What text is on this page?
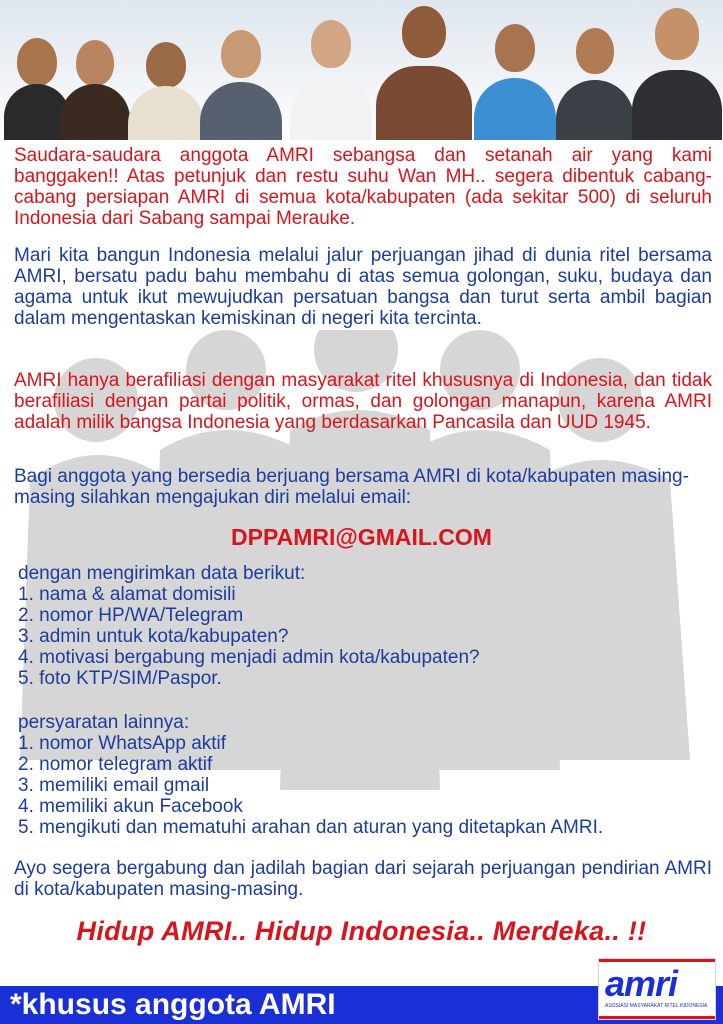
Saudara-saudara anggota AMRI sebangsa dan setanah air yang kami banggaken!! Atas petunjuk dan restu suhu Wan MH.. segera dibentuk cabang-cabang persiapan AMRI di semua kota/kabupaten (ada sekitar 500) di seluruh Indonesia dari Sabang sampai Merauke.
Mari kita bangun Indonesia melalui jalur perjuangan jihad di dunia ritel bersama AMRI, bersatu padu bahu membahu di atas semua golongan, suku, budaya dan agama untuk ikut mewujudkan persatuan bangsa dan turut serta ambil bagian dalam mengentaskan kemiskinan di negeri kita tercinta.
AMRI hanya berafiliasi dengan masyarakat ritel khususnya di Indonesia, dan tidak berafiliasi dengan partai politik, ormas, dan golongan manapun, karena AMRI adalah milik bangsa Indonesia yang berdasarkan Pancasila dan UUD 1945.
Bagi anggota yang bersedia berjuang bersama AMRI di kota/kabupaten masing-masing silahkan mengajukan diri melalui email:
DPPAMRI@GMAIL.COM
dengan mengirimkan data berikut:
1. nama & alamat domisili
2. nomor HP/WA/Telegram
3. admin untuk kota/kabupaten?
4. motivasi bergabung menjadi admin kota/kabupaten?
5. foto KTP/SIM/Paspor.
persyaratan lainnya:
1. nomor WhatsApp aktif
2. nomor telegram aktif
3. memiliki email gmail
4. memiliki akun Facebook
5. mengikuti dan mematuhi arahan dan aturan yang ditetapkan AMRI.
Ayo segera bergabung dan jadilah bagian dari sejarah perjuangan pendirian AMRI di kota/kabupaten masing-masing.
Hidup AMRI.. Hidup Indonesia.. Merdeka.. !!
*khusus anggota AMRI
amri
ASOSIASI MASYARAKAT RITEL INDONESIA
